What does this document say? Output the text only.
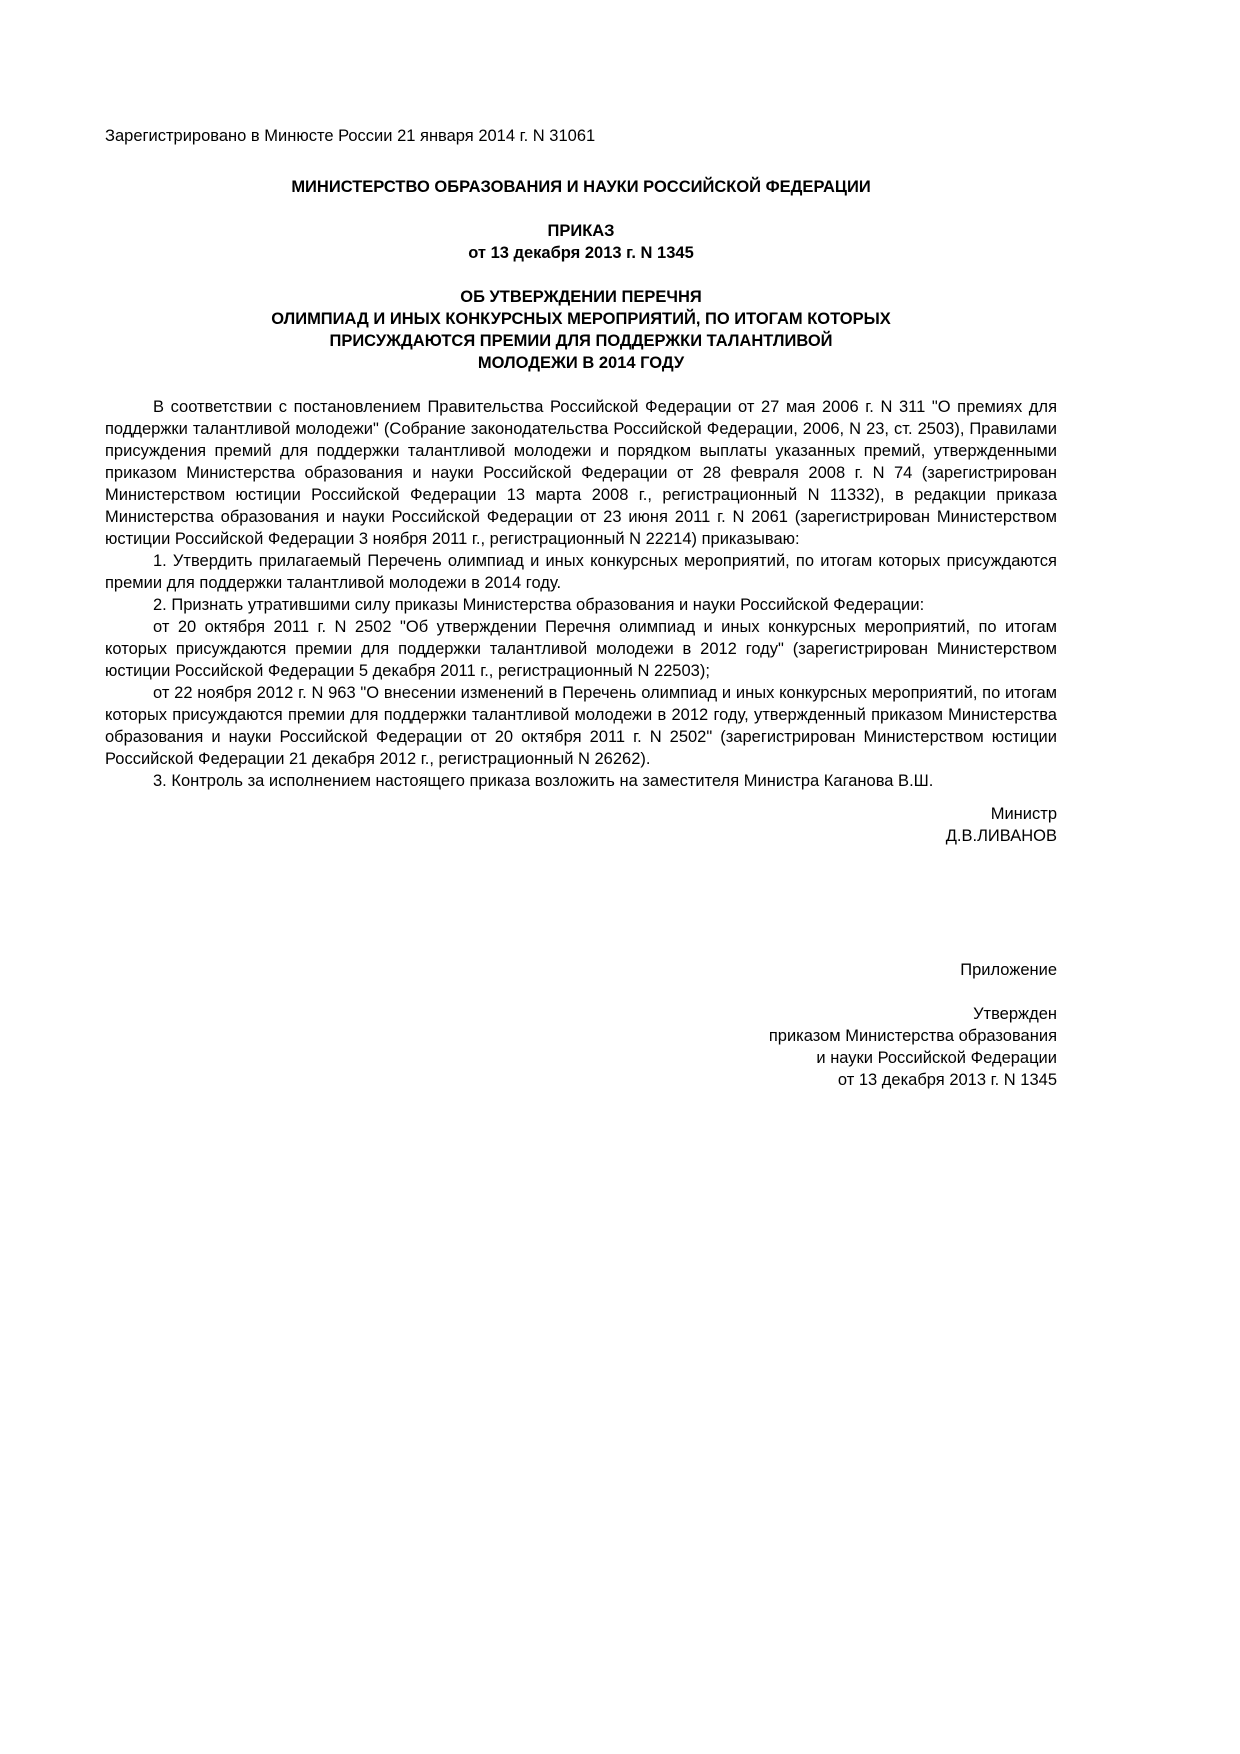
Зарегистрировано в Минюсте России 21 января 2014 г. N 31061

МИНИСТЕРСТВО ОБРАЗОВАНИЯ И НАУКИ РОССИЙСКОЙ ФЕДЕРАЦИИ

ПРИКАЗ

от 13 декабря 2013 г. N 1345

ОБ УТВЕРЖДЕНИИ ПЕРЕЧНЯ

ОЛИМПИАД И ИНЫХ КОНКУРСНЫХ МЕРОПРИЯТИЙ, ПО ИТОГАМ КОТОРЫХ

ПРИСУЖДАЮТСЯ ПРЕМИИ ДЛЯ ПОДДЕРЖКИ ТАЛАНТЛИВОЙ

МОЛОДЕЖИ В 2014 ГОДУ

В соответствии с постановлением Правительства Российской Федерации от 27 мая 2006 г. N 311 "О премиях для поддержки талантливой молодежи" (Собрание законодательства Российской Федерации, 2006, N 23, ст. 2503), Правилами присуждения премий для поддержки талантливой молодежи и порядком выплаты указанных премий, утвержденными приказом Министерства образования и науки Российской Федерации от 28 февраля 2008 г. N 74 (зарегистрирован Министерством юстиции Российской Федерации 13 марта 2008 г., регистрационный N 11332), в редакции приказа Министерства образования и науки Российской Федерации от 23 июня 2011 г. N 2061 (зарегистрирован Министерством юстиции Российской Федерации 3 ноября 2011 г., регистрационный N 22214) приказываю:

1. Утвердить прилагаемый Перечень олимпиад и иных конкурсных мероприятий, по итогам которых присуждаются премии для поддержки талантливой молодежи в 2014 году.

2. Признать утратившими силу приказы Министерства образования и науки Российской Федерации:

от 20 октября 2011 г. N 2502 "Об утверждении Перечня олимпиад и иных конкурсных мероприятий, по итогам которых присуждаются премии для поддержки талантливой молодежи в 2012 году" (зарегистрирован Министерством юстиции Российской Федерации 5 декабря 2011 г., регистрационный N 22503);

от 22 ноября 2012 г. N 963 "О внесении изменений в Перечень олимпиад и иных конкурсных мероприятий, по итогам которых присуждаются премии для поддержки талантливой молодежи в 2012 году, утвержденный приказом Министерства образования и науки Российской Федерации от 20 октября 2011 г. N 2502" (зарегистрирован Министерством юстиции Российской Федерации 21 декабря 2012 г., регистрационный N 26262).

3. Контроль за исполнением настоящего приказа возложить на заместителя Министра Каганова В.Ш.

Министр
Д.В.ЛИВАНОВ
Приложение
Утвержден
приказом Министерства образования
и науки Российской Федерации
от 13 декабря 2013 г. N 1345
